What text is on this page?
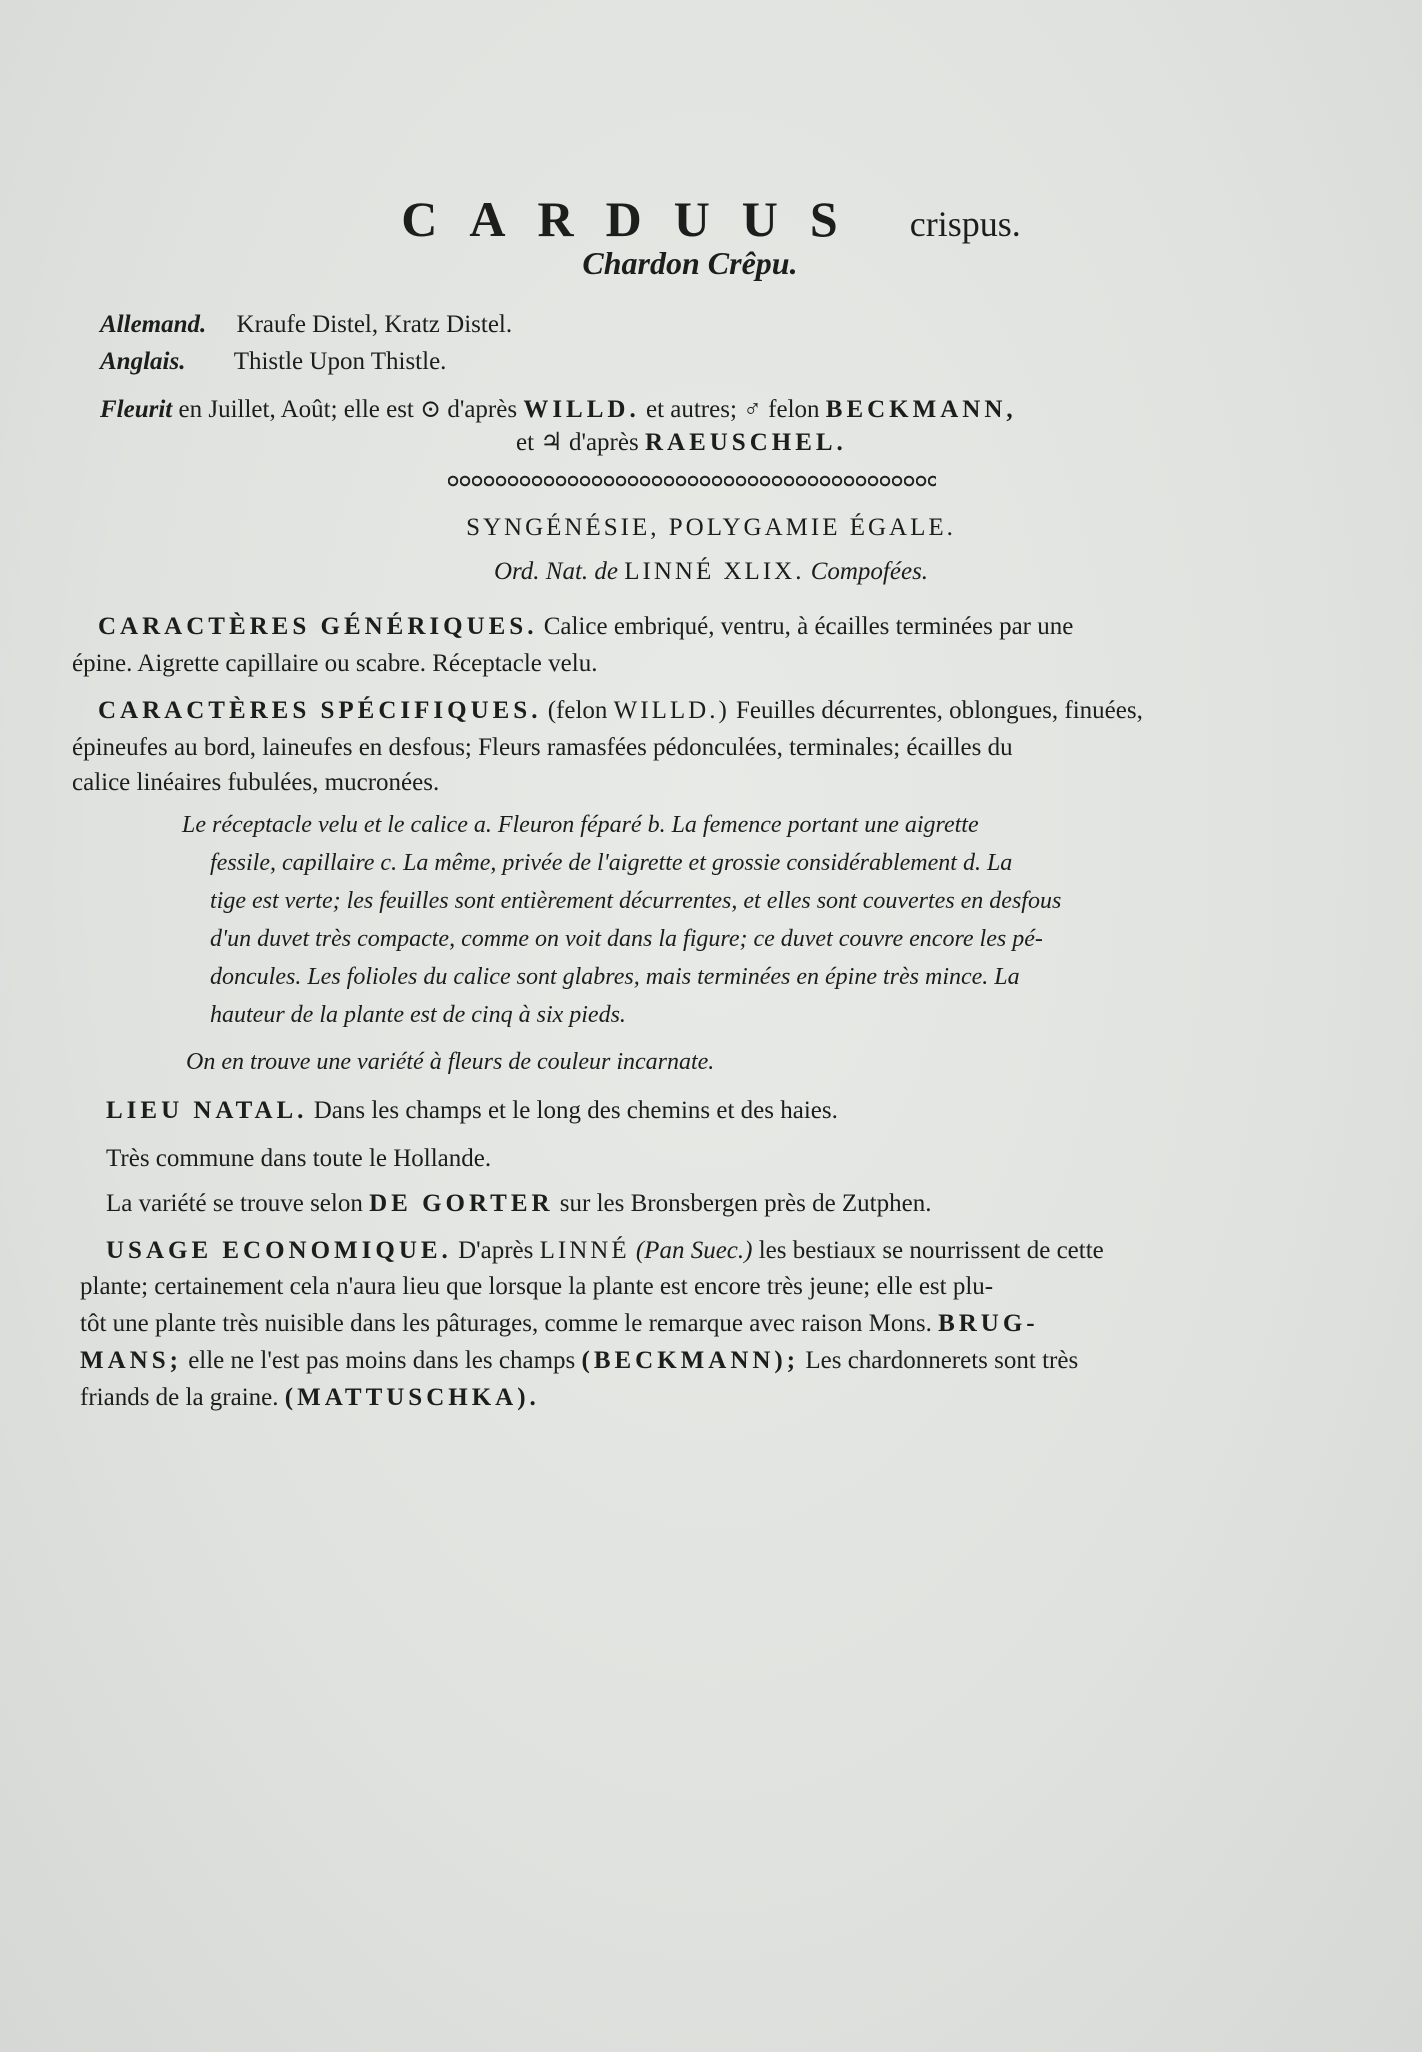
CARDUUS crispus.
Chardon Crêpu.
Allemand. Kraufe Distel, Kratz Distel.
Anglais. Thistle Upon Thistle.
Fleurit en Juillet, Août; elle est ⊙ d'après WILLD. et autres; ♂ felon BECKMANN,
et ♃ d'après RAEUSCHEL.
SYNGÉNÉSIE, POLYGAMIE ÉGALE.
Ord. Nat. de LINNÉ XLIX. Compofées.
CARACTÈRES GÉNÉRIQUES. Calice embriqué, ventru, à écailles terminées par une
épine. Aigrette capillaire ou scabre. Réceptacle velu.
CARACTÈRES SPÉCIFIQUES. (felon WILLD.) Feuilles décurrentes, oblongues, finuées,
épineufes au bord, laineufes en desfous; Fleurs ramasfées pédonculées, terminales; écailles du
calice linéaires fubulées, mucronées.
Le réceptacle velu et le calice a. Fleuron féparé b. La femence portant une aigrette
fessile, capillaire c. La même, privée de l'aigrette et grossie considérablement d. La
tige est verte; les feuilles sont entièrement décurrentes, et elles sont couvertes en desfous
d'un duvet très compacte, comme on voit dans la figure; ce duvet couvre encore les pé-
doncules. Les folioles du calice sont glabres, mais terminées en épine très mince. La
hauteur de la plante est de cinq à six pieds.
On en trouve une variété à fleurs de couleur incarnate.
LIEU NATAL. Dans les champs et le long des chemins et des haies.
Très commune dans toute le Hollande.
La variété se trouve selon DE GORTER sur les Bronsbergen près de Zutphen.
USAGE ECONOMIQUE. D'après LINNÉ (Pan Suec.) les bestiaux se nourrissent de cette
plante; certainement cela n'aura lieu que lorsque la plante est encore très jeune; elle est plu-
tôt une plante très nuisible dans les pâturages, comme le remarque avec raison Mons. BRUG-
MANS; elle ne l'est pas moins dans les champs (BECKMANN); Les chardonnerets sont très
friands de la graine. (MATTUSCHKA).
